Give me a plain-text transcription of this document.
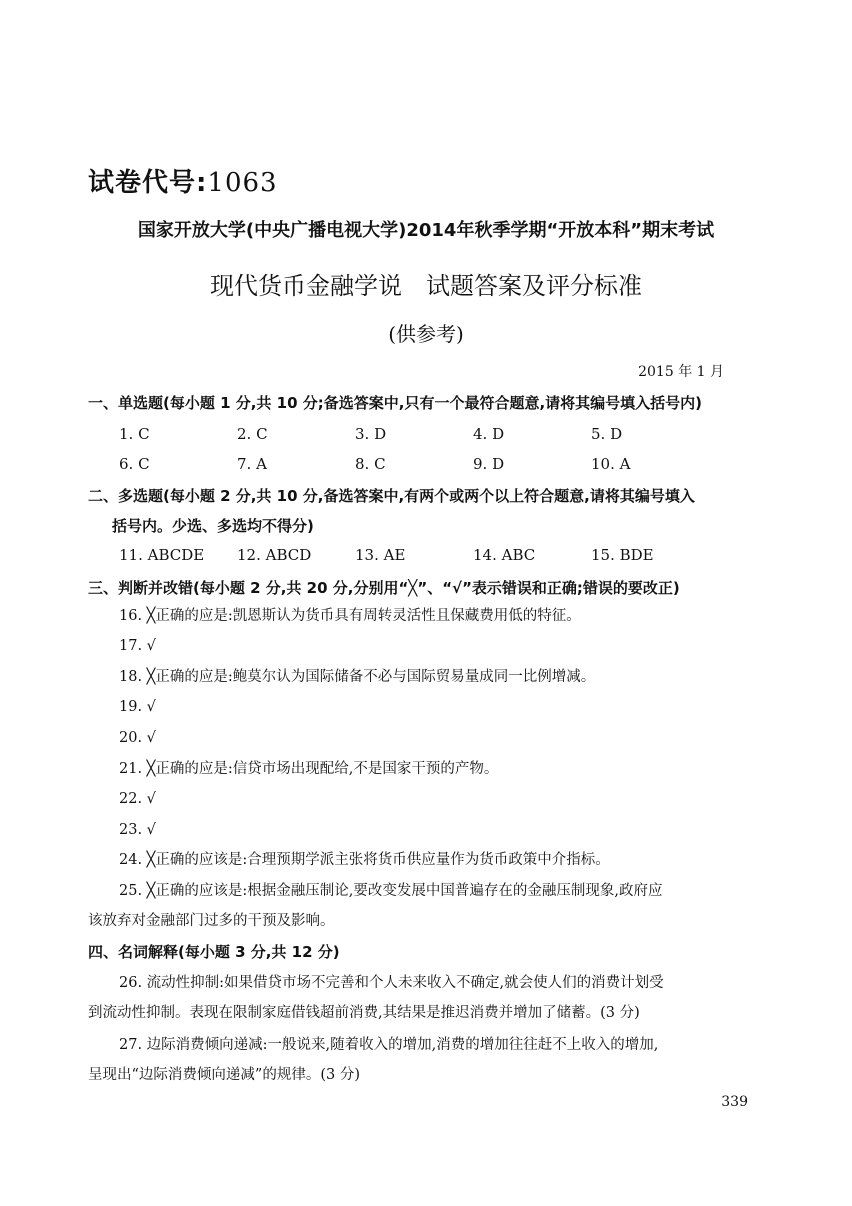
试卷代号:1063
国家开放大学(中央广播电视大学)2014年秋季学期“开放本科”期末考试
现代货币金融学说　试题答案及评分标准
(供参考)
2015 年 1 月
一、单选题(每小题 1 分,共 10 分;备选答案中,只有一个最符合题意,请将其编号填入括号内)
1. C	2. C	3. D	4. D	5. D
6. C	7. A	8. C	9. D	10. A
二、多选题(每小题 2 分,共 10 分,备选答案中,有两个或两个以上符合题意,请将其编号填入
括号内。少选、多选均不得分)
11. ABCDE 12. ABCD	13. AE	14. ABC	15. BDE
三、判断并改错(每小题 2 分,共 20 分,分别用“╳”、“√”表示错误和正确;错误的要改正)
16. ╳正确的应是:凯恩斯认为货币具有周转灵活性且保藏费用低的特征。
17. √
18. ╳正确的应是:鲍莫尔认为国际储备不必与国际贸易量成同一比例增减。
19. √
20. √
21. ╳正确的应是:信贷市场出现配给,不是国家干预的产物。
22. √
23. √
24. ╳正确的应该是:合理预期学派主张将货币供应量作为货币政策中介指标。
25. ╳正确的应该是:根据金融压制论,要改变发展中国普遍存在的金融压制现象,政府应
该放弃对金融部门过多的干预及影响。
四、名词解释(每小题 3 分,共 12 分)
26. 流动性抑制:如果借贷市场不完善和个人未来收入不确定,就会使人们的消费计划受
到流动性抑制。表现在限制家庭借钱超前消费,其结果是推迟消费并增加了储蓄。(3 分)
27. 边际消费倾向递减:一般说来,随着收入的增加,消费的增加往往赶不上收入的增加,
呈现出“边际消费倾向递减”的规律。(3 分)
339
